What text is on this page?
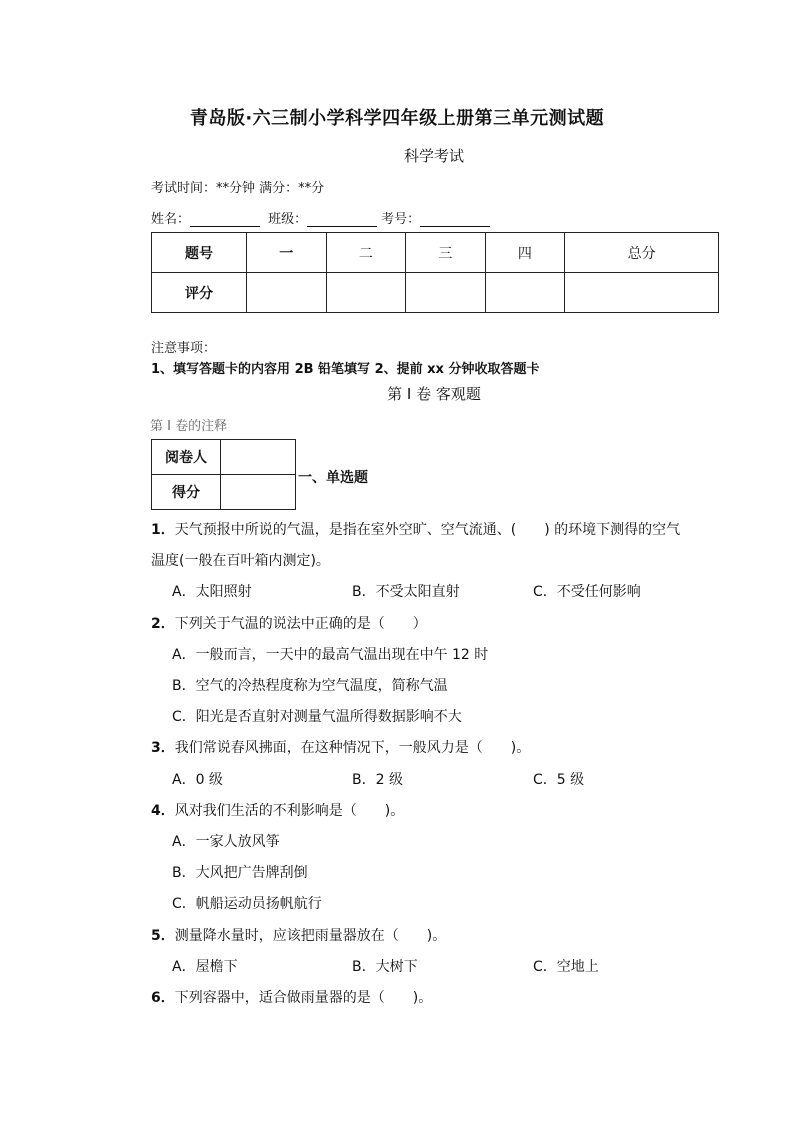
青岛版·六三制小学科学四年级上册第三单元测试题
科学考试
考试时间：**分钟 满分：**分
姓名：	班级：	考号：
题号	一	二	三	四	总分
评分					
注意事项：
1、填写答题卡的内容用 2B 铅笔填写 2、提前 xx 分钟收取答题卡
第 I 卷 客观题
第 I 卷的注释
阅卷人	
得分	
一、单选题
1．天气预报中所说的气温，是指在室外空旷、空气流通、(　　) 的环境下测得的空气
温度(一般在百叶箱内测定)。
A．太阳照射	B．不受太阳直射	C．不受任何影响
2．下列关于气温的说法中正确的是（　　）
A．一般而言，一天中的最高气温出现在中午 12 时
B．空气的冷热程度称为空气温度，简称气温
C．阳光是否直射对测量气温所得数据影响不大
3．我们常说春风拂面，在这种情况下，一般风力是（　　)。
A．0 级	B．2 级	C．5 级
4．风对我们生活的不利影响是（　　)。
A．一家人放风筝
B．大风把广告牌刮倒
C．帆船运动员扬帆航行
5．测量降水量时，应该把雨量器放在（　　)。
A．屋檐下	B．大树下	C．空地上
6．下列容器中，适合做雨量器的是（　　)。
